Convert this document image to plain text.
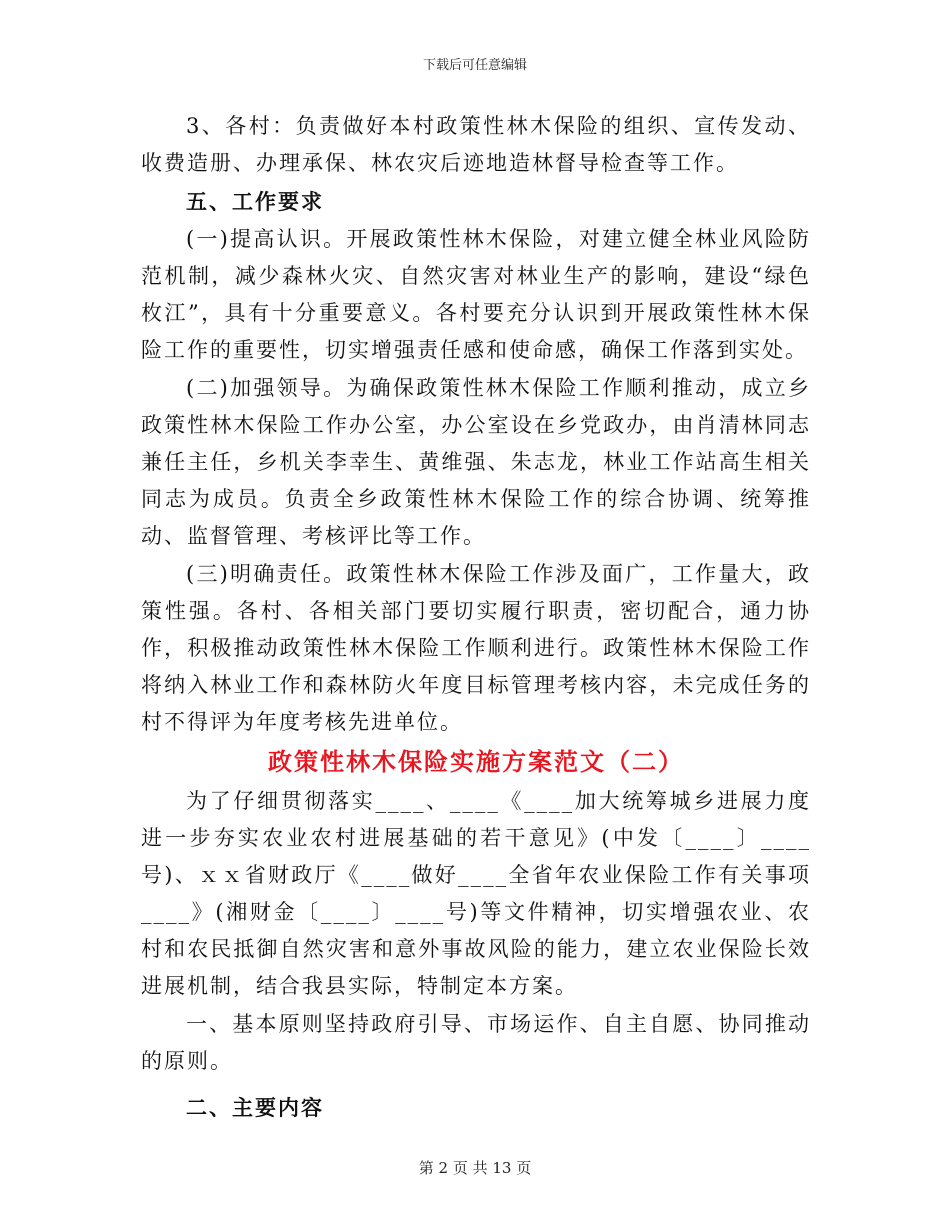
下载后可任意编辑
3、各村：负责做好本村政策性林木保险的组织、宣传发动、收费造册、办理承保、林农灾后迹地造林督导检查等工作。
五、工作要求
(一)提高认识。开展政策性林木保险，对建立健全林业风险防范机制，减少森林火灾、自然灾害对林业生产的影响，建设“绿色枚江”，具有十分重要意义。各村要充分认识到开展政策性林木保险工作的重要性，切实增强责任感和使命感，确保工作落到实处。
(二)加强领导。为确保政策性林木保险工作顺利推动，成立乡政策性林木保险工作办公室，办公室设在乡党政办，由肖清林同志兼任主任，乡机关李幸生、黄维强、朱志龙，林业工作站高生相关同志为成员。负责全乡政策性林木保险工作的综合协调、统筹推动、监督管理、考核评比等工作。
(三)明确责任。政策性林木保险工作涉及面广，工作量大，政策性强。各村、各相关部门要切实履行职责，密切配合，通力协作，积极推动政策性林木保险工作顺利进行。政策性林木保险工作将纳入林业工作和森林防火年度目标管理考核内容，未完成任务的村不得评为年度考核先进单位。
政策性林木保险实施方案范文（二）
为了仔细贯彻落实____、____《____加大统筹城乡进展力度进一步夯实农业农村进展基础的若干意见》(中发〔____〕____号)、ｘｘ省财政厅《____做好____全省年农业保险工作有关事项____》(湘财金〔____〕____号)等文件精神，切实增强农业、农村和农民抵御自然灾害和意外事故风险的能力，建立农业保险长效进展机制，结合我县实际，特制定本方案。
一、基本原则坚持政府引导、市场运作、自主自愿、协同推动的原则。
二、主要内容
第 2 页 共 13 页
